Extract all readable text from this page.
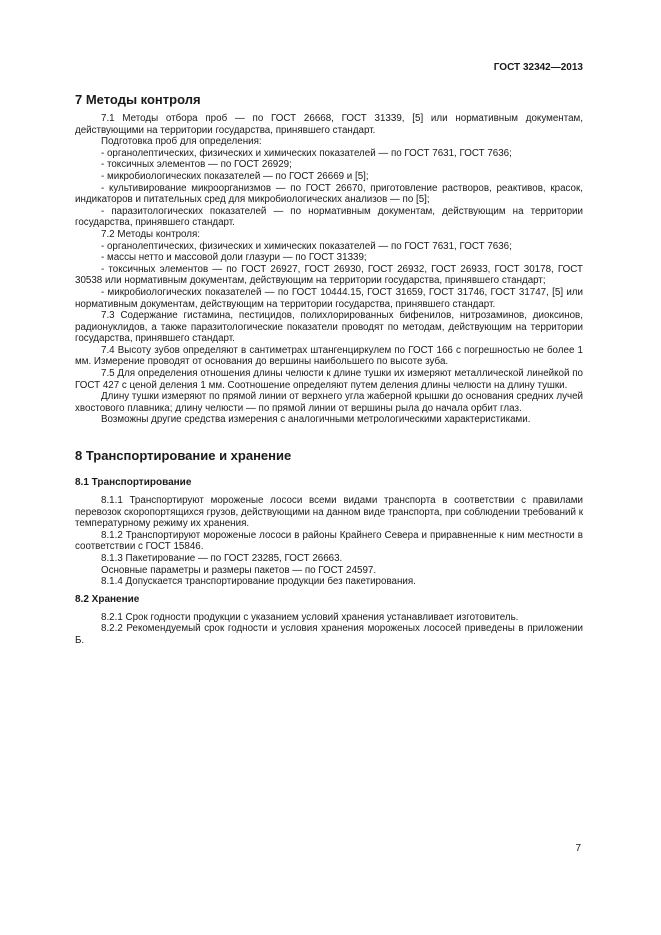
ГОСТ 32342—2013
7 Методы контроля

7.1 Методы отбора проб — по ГОСТ 26668, ГОСТ 31339, [5] или нормативным документам, действующими на территории государства, принявшего стандарт.

Подготовка проб для определения:

- органолептических, физических и химических показателей — по ГОСТ 7631, ГОСТ 7636;

- токсичных элементов — по ГОСТ 26929;

- микробиологических показателей — по ГОСТ 26669 и [5];

- культивирование микроорганизмов — по ГОСТ 26670, приготовление растворов, реактивов, красок, индикаторов и питательных сред для микробиологических анализов — по [5];

- паразитологических показателей — по нормативным документам, действующим на территории государства, принявшего стандарт.

7.2 Методы контроля:

- органолептических, физических и химических показателей — по ГОСТ 7631, ГОСТ 7636;

- массы нетто и массовой доли глазури — по ГОСТ 31339;

- токсичных элементов — по ГОСТ 26927, ГОСТ 26930, ГОСТ 26932, ГОСТ 26933, ГОСТ 30178, ГОСТ 30538 или нормативным документам, действующим на территории государства, принявшего стандарт;

- микробиологических показателей — по ГОСТ 10444.15, ГОСТ 31659, ГОСТ 31746, ГОСТ 31747, [5] или нормативным документам, действующим на территории государства, принявшего стандарт.

7.3 Содержание гистамина, пестицидов, полихлорированных бифенилов, нитрозаминов, диоксинов, радионуклидов, а также паразитологические показатели проводят по методам, действующим на территории государства, принявшего стандарт.

7.4 Высоту зубов определяют в сантиметрах штангенциркулем по ГОСТ 166 с погрешностью не более 1 мм. Измерение проводят от основания до вершины наибольшего по высоте зуба.

7.5 Для определения отношения длины челюсти к длине тушки их измеряют металлической линейкой по ГОСТ 427 с ценой деления 1 мм. Соотношение определяют путем деления длины челюсти на длину тушки.

Длину тушки измеряют по прямой линии от верхнего угла жаберной крышки до основания средних лучей хвостового плавника; длину челюсти — по прямой линии от вершины рыла до начала орбит глаз.

Возможны другие средства измерения с аналогичными метрологическими характеристиками.

8 Транспортирование и хранение
8.1 Транспортирование

8.1.1 Транспортируют мороженые лососи всеми видами транспорта в соответствии с правилами перевозок скоропортящихся грузов, действующими на данном виде транспорта, при соблюдении требований к температурному режиму их хранения.

8.1.2 Транспортируют мороженые лососи в районы Крайнего Севера и приравненные к ним местности в соответствии с ГОСТ 15846.

8.1.3 Пакетирование — по ГОСТ 23285, ГОСТ 26663.

Основные параметры и размеры пакетов — по ГОСТ 24597.

8.1.4 Допускается транспортирование продукции без пакетирования.

8.2 Хранение

8.2.1 Срок годности продукции с указанием условий хранения устанавливает изготовитель.

8.2.2 Рекомендуемый срок годности и условия хранения мороженых лососей приведены в приложении Б.

7
